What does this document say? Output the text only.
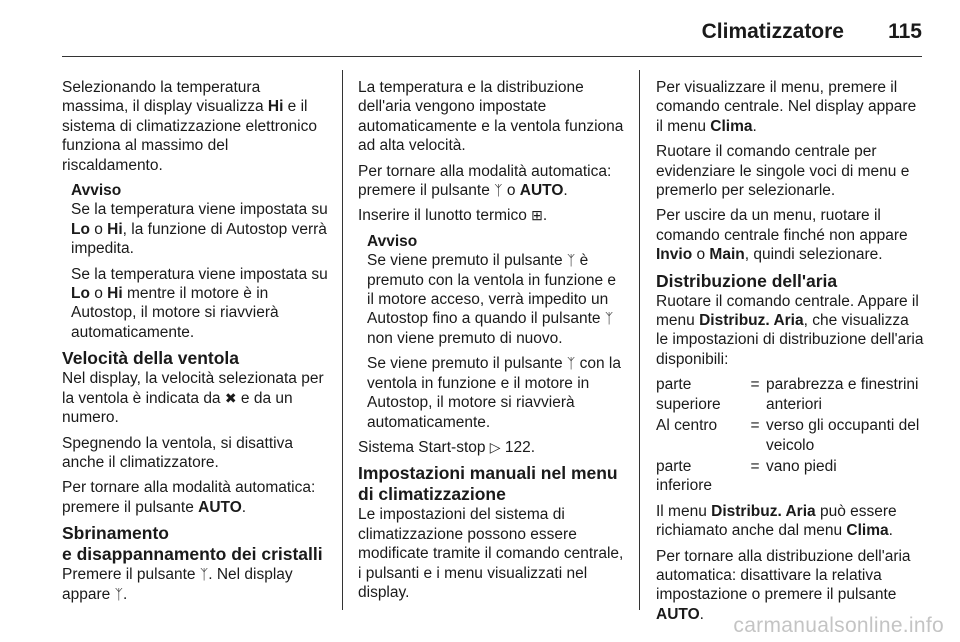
Climatizzatore 115

Selezionando la temperatura massima, il display visualizza Hi e il sistema di climatizzazione elettronico funziona al massimo del riscaldamento.

Avviso

Se la temperatura viene impostata su Lo o Hi, la funzione di Autostop verrà impedita.

Se la temperatura viene impostata su Lo o Hi mentre il motore è in Autostop, il motore si riavvierà automaticamente.

Velocità della ventola

Nel display, la velocità selezionata per la ventola è indicata da ✖ e da un numero.

Spegnendo la ventola, si disattiva anche il climatizzatore.

Per tornare alla modalità automatica: premere il pulsante AUTO.

Sbrinamento
e disappannamento dei cristalli

Premere il pulsante ᛉ. Nel display appare ᛉ.

La temperatura e la distribuzione dell'aria vengono impostate automaticamente e la ventola funziona ad alta velocità.

Per tornare alla modalità automatica: premere il pulsante ᛉ o AUTO.

Inserire il lunotto termico ⊞.

Avviso

Se viene premuto il pulsante ᛉ è premuto con la ventola in funzione e il motore acceso, verrà impedito un Autostop fino a quando il pulsante ᛉ non viene premuto di nuovo.

Se viene premuto il pulsante ᛉ con la ventola in funzione e il motore in Autostop, il motore si riavvierà automaticamente.

Sistema Start-stop ▷ 122.

Impostazioni manuali nel menu di climatizzazione

Le impostazioni del sistema di climatizzazione possono essere modificate tramite il comando centrale, i pulsanti e i menu visualizzati nel display.

Per visualizzare il menu, premere il comando centrale. Nel display appare il menu Clima.

Ruotare il comando centrale per evidenziare le singole voci di menu e premerlo per selezionarle.

Per uscire da un menu, ruotare il comando centrale finché non appare Invio o Main, quindi selezionare.

Distribuzione dell'aria

Ruotare il comando centrale. Appare il menu Distribuz. Aria, che visualizza le impostazioni di distribuzione dell'aria disponibili:

parte superiore
= parabrezza e finestrini anteriori
Al centro	= verso gli occupanti del veicolo
parte inferiore
= vano piedi

Il menu Distribuz. Aria può essere richiamato anche dal menu Clima.

Per tornare alla distribuzione dell'aria automatica: disattivare la relativa impostazione o premere il pulsante AUTO.	carmanualsonline.info
